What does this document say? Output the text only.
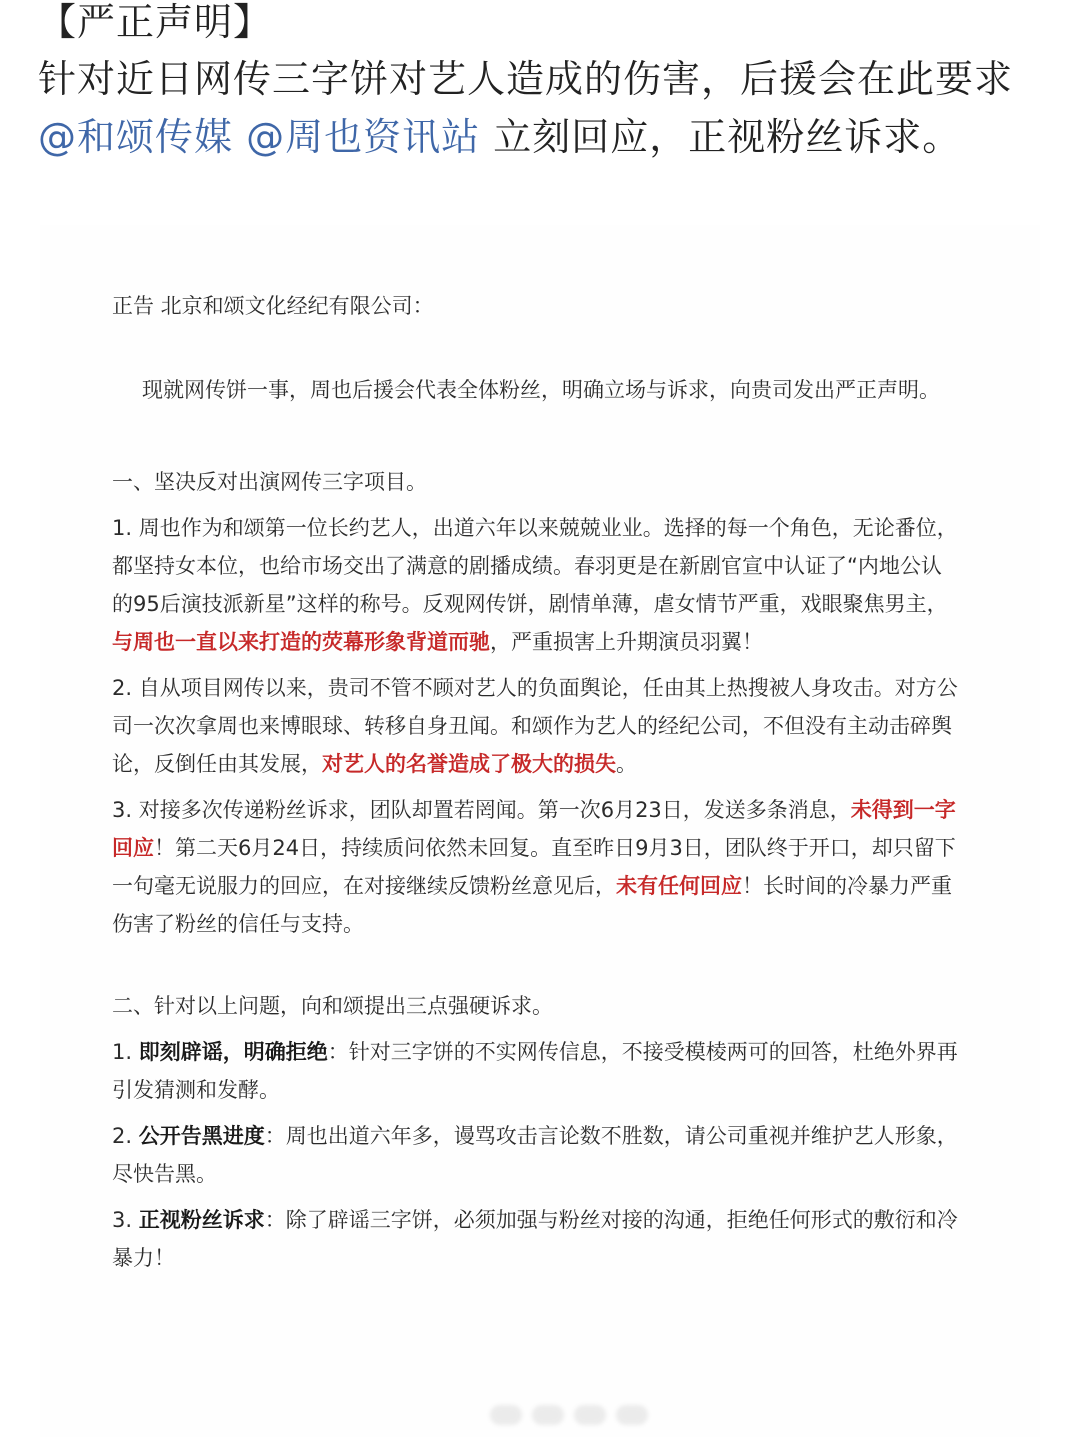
【严正声明】

针对近日网传三字饼对艺人造成的伤害，后援会在此要求@和颂传媒 @周也资讯站 立刻回应，正视粉丝诉求。

正告 北京和颂文化经纪有限公司：

现就网传饼一事，周也后援会代表全体粉丝，明确立场与诉求，向贵司发出严正声明。

一、坚决反对出演网传三字项目。

1. 周也作为和颂第一位长约艺人，出道六年以来兢兢业业。选择的每一个角色，无论番位，都坚持女本位，也给市场交出了满意的剧播成绩。春羽更是在新剧官宣中认证了“内地公认的95后演技派新星”这样的称号。反观网传饼，剧情单薄，虐女情节严重，戏眼聚焦男主，与周也一直以来打造的荧幕形象背道而驰，严重损害上升期演员羽翼！

2. 自从项目网传以来，贵司不管不顾对艺人的负面舆论，任由其上热搜被人身攻击。对方公司一次次拿周也来博眼球、转移自身丑闻。和颂作为艺人的经纪公司，不但没有主动击碎舆论，反倒任由其发展，对艺人的名誉造成了极大的损失。

3. 对接多次传递粉丝诉求，团队却置若罔闻。第一次6月23日，发送多条消息，未得到一字回应！第二天6月24日，持续质问依然未回复。直至昨日9月3日，团队终于开口，却只留下一句毫无说服力的回应，在对接继续反馈粉丝意见后，未有任何回应！长时间的冷暴力严重伤害了粉丝的信任与支持。

二、针对以上问题，向和颂提出三点强硬诉求。

1. 即刻辟谣，明确拒绝：针对三字饼的不实网传信息，不接受模棱两可的回答，杜绝外界再引发猜测和发酵。

2. 公开告黑进度：周也出道六年多，谩骂攻击言论数不胜数，请公司重视并维护艺人形象，尽快告黑。

3. 正视粉丝诉求：除了辟谣三字饼，必须加强与粉丝对接的沟通，拒绝任何形式的敷衍和冷暴力！
